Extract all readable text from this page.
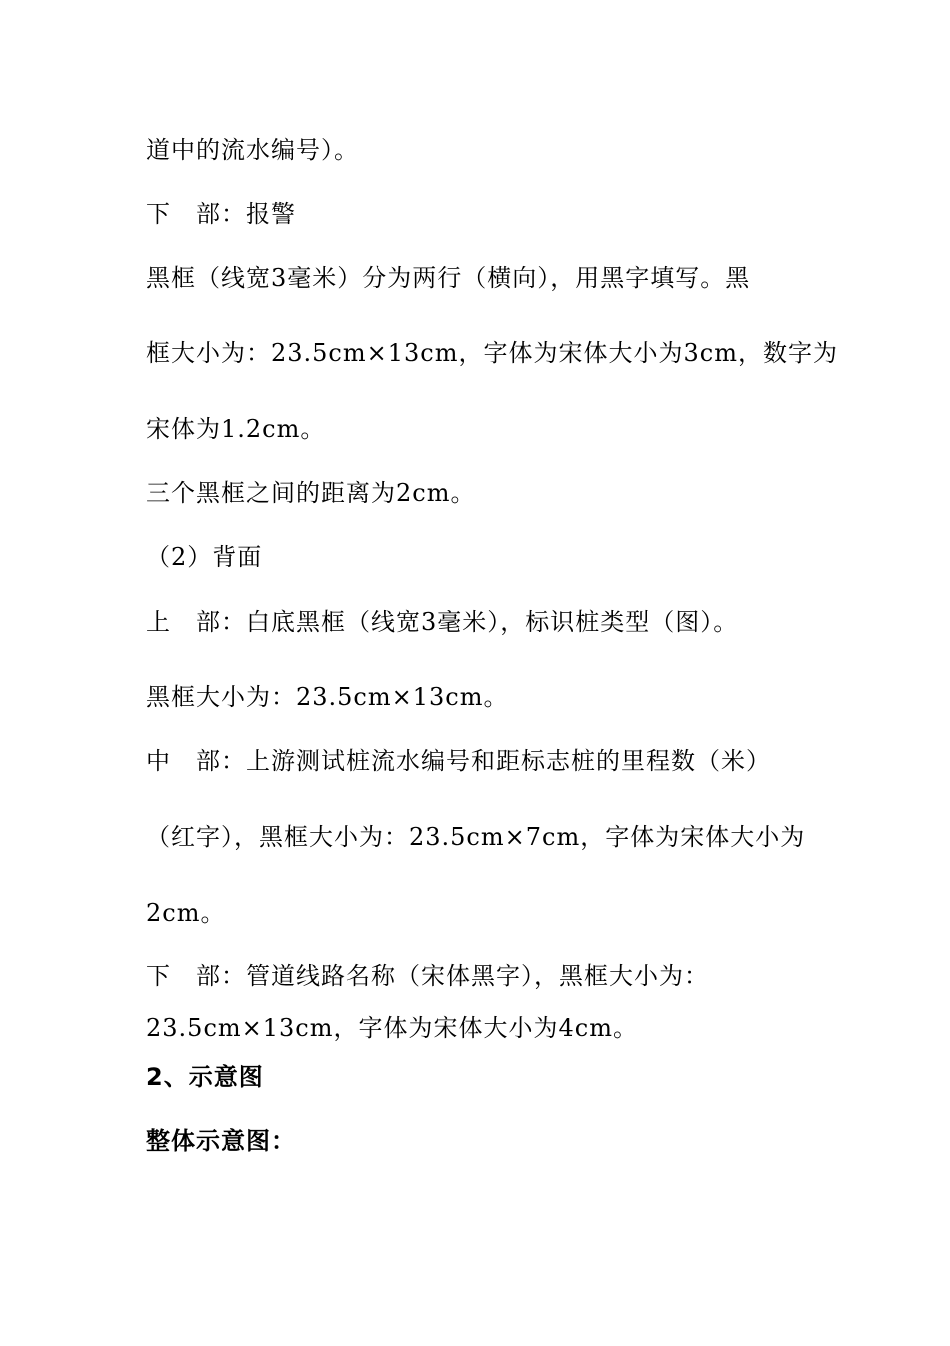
道中的流水编号）。
下　部：报警
黑框（线宽3毫米）分为两行（横向），用黑字填写。黑
框大小为：23.5cm×13cm，字体为宋体大小为3cm，数字为
宋体为1.2cm。
三个黑框之间的距离为2cm。
（2）背面
上　部：白底黑框（线宽3毫米），标识桩类型（图）。
黑框大小为：23.5cm×13cm。
中　部：上游测试桩流水编号和距标志桩的里程数（米）
（红字），黑框大小为：23.5cm×7cm，字体为宋体大小为
2cm。
下　部：管道线路名称（宋体黑字），黑框大小为：
23.5cm×13cm，字体为宋体大小为4cm。
2、示意图
整体示意图：
